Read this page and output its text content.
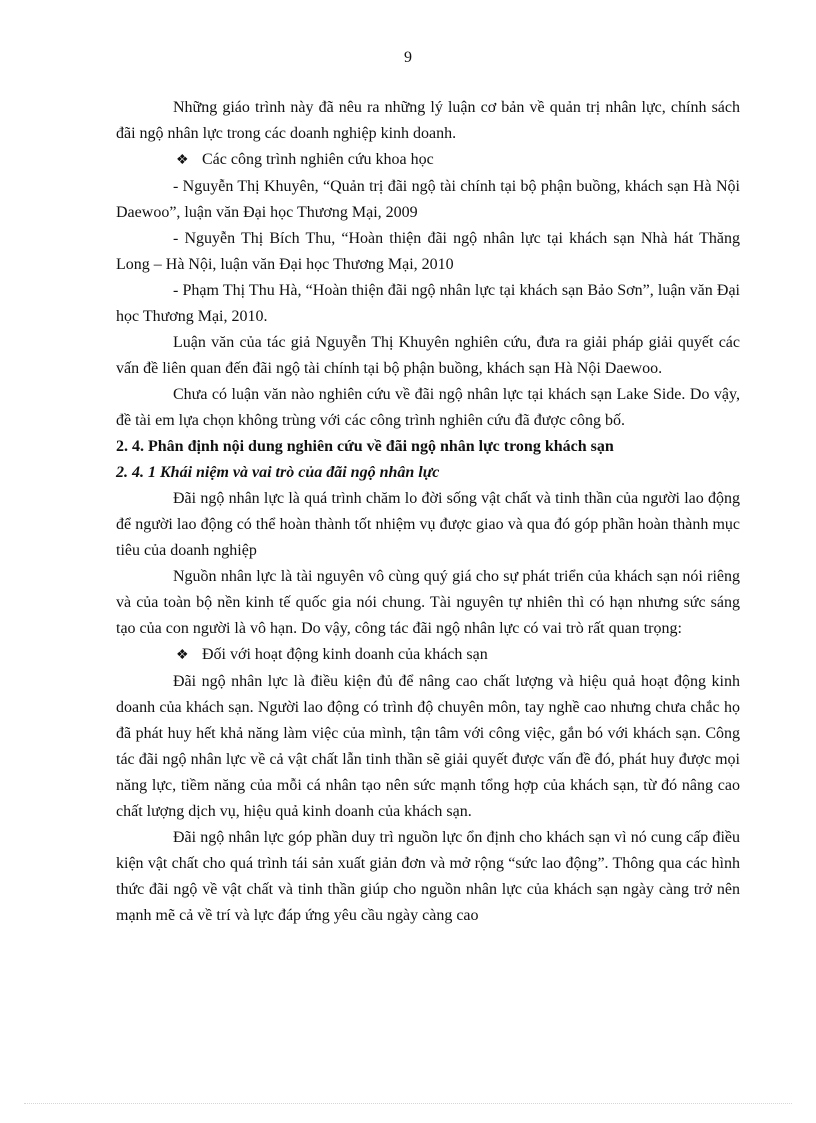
9

Những giáo trình này đã nêu ra những lý luận cơ bản về quản trị nhân lực, chính sách đãi ngộ nhân lực trong các doanh nghiệp kinh doanh.

❖ Các công trình nghiên cứu khoa học

- Nguyễn Thị Khuyên, “Quản trị đãi ngộ tài chính tại bộ phận buồng, khách sạn Hà Nội Daewoo”, luận văn Đại học Thương Mại, 2009

- Nguyễn Thị Bích Thu, “Hoàn thiện đãi ngộ nhân lực tại khách sạn Nhà hát Thăng Long – Hà Nội, luận văn Đại học Thương Mại, 2010

- Phạm Thị Thu Hà, “Hoàn thiện đãi ngộ nhân lực tại khách sạn Bảo Sơn”, luận văn Đại học Thương Mại, 2010.

Luận văn của tác giả Nguyễn Thị Khuyên nghiên cứu, đưa ra giải pháp giải quyết các vấn đề liên quan đến đãi ngộ tài chính tại bộ phận buồng, khách sạn Hà Nội Daewoo.

Chưa có luận văn nào nghiên cứu về đãi ngộ nhân lực tại khách sạn Lake Side. Do vậy, đề tài em lựa chọn không trùng với các công trình nghiên cứu đã được công bố.

2. 4. Phân định nội dung nghiên cứu về đãi ngộ nhân lực trong khách sạn

2. 4. 1 Khái niệm và vai trò của đãi ngộ nhân lực

Đãi ngộ nhân lực là quá trình chăm lo đời sống vật chất và tinh thần của người lao động để người lao động có thể hoàn thành tốt nhiệm vụ được giao và qua đó góp phần hoàn thành mục tiêu của doanh nghiệp

Nguồn nhân lực là tài nguyên vô cùng quý giá cho sự phát triển của khách sạn nói riêng và của toàn bộ nền kinh tế quốc gia nói chung. Tài nguyên tự nhiên thì có hạn nhưng sức sáng tạo của con người là vô hạn. Do vậy, công tác đãi ngộ nhân lực có vai trò rất quan trọng:

❖ Đối với hoạt động kinh doanh của khách sạn

Đãi ngộ nhân lực là điều kiện đủ để nâng cao chất lượng và hiệu quả hoạt động kinh doanh của khách sạn. Người lao động có trình độ chuyên môn, tay nghề cao nhưng chưa chắc họ đã phát huy hết khả năng làm việc của mình, tận tâm với công việc, gắn bó với khách sạn. Công tác đãi ngộ nhân lực về cả vật chất lẫn tinh thần sẽ giải quyết được vấn đề đó, phát huy được mọi năng lực, tiềm năng của mỗi cá nhân tạo nên sức mạnh tổng hợp của khách sạn, từ đó nâng cao chất lượng dịch vụ, hiệu quả kinh doanh của khách sạn.

Đãi ngộ nhân lực góp phần duy trì nguồn lực ổn định cho khách sạn vì nó cung cấp điều kiện vật chất cho quá trình tái sản xuất giản đơn và mở rộng “sức lao động”. Thông qua các hình thức đãi ngộ về vật chất và tinh thần giúp cho nguồn nhân lực của khách sạn ngày càng trở nên mạnh mẽ cả về trí và lực đáp ứng yêu cầu ngày càng cao
